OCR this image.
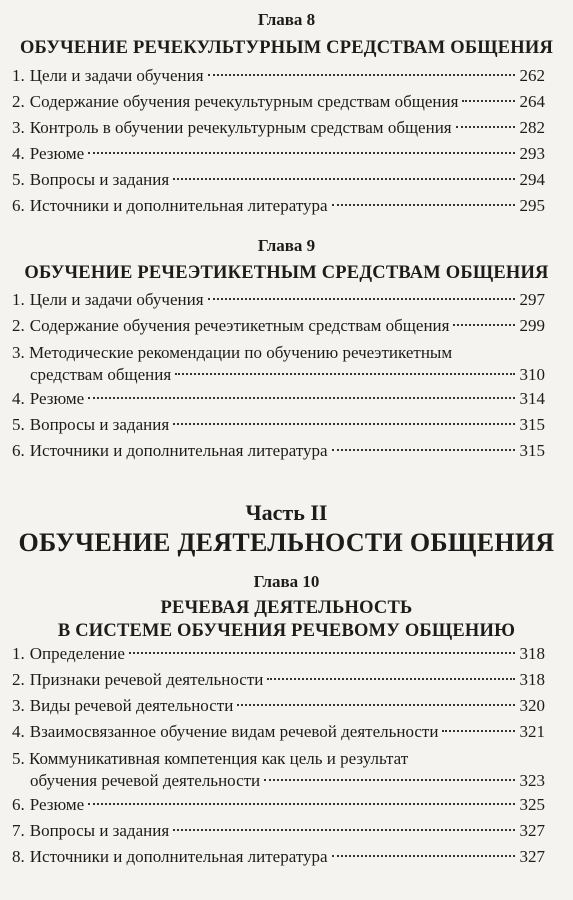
Глава 8

ОБУЧЕНИЕ РЕЧЕКУЛЬТУРНЫМ СРЕДСТВАМ ОБЩЕНИЯ

1. Цели и задачи обучения	262
2. Содержание обучения речекультурным средствам общения	264
3. Контроль в обучении речекультурным средствам общения	282
4. Резюме	293
5. Вопросы и задания	294
6. Источники и дополнительная литература	295

Глава 9

ОБУЧЕНИЕ РЕЧЕЭТИКЕТНЫМ СРЕДСТВАМ ОБЩЕНИЯ

1. Цели и задачи обучения	297
2. Содержание обучения речеэтикетным средствам общения	299
3. Методические рекомендации по обучению речеэтикетным
средствам общения	310
4. Резюме	314
5. Вопросы и задания	315
6. Источники и дополнительная литература	315

Часть II

ОБУЧЕНИЕ ДЕЯТЕЛЬНОСТИ ОБЩЕНИЯ

Глава 10

РЕЧЕВАЯ ДЕЯТЕЛЬНОСТЬ

В СИСТЕМЕ ОБУЧЕНИЯ РЕЧЕВОМУ ОБЩЕНИЮ

1. Определение	318
2. Признаки речевой деятельности	318
3. Виды речевой деятельности	320
4. Взаимосвязанное обучение видам речевой деятельности	321
5. Коммуникативная компетенция как цель и результат
обучения речевой деятельности	323
6. Резюме	325
7. Вопросы и задания	327
8. Источники и дополнительная литература	327
